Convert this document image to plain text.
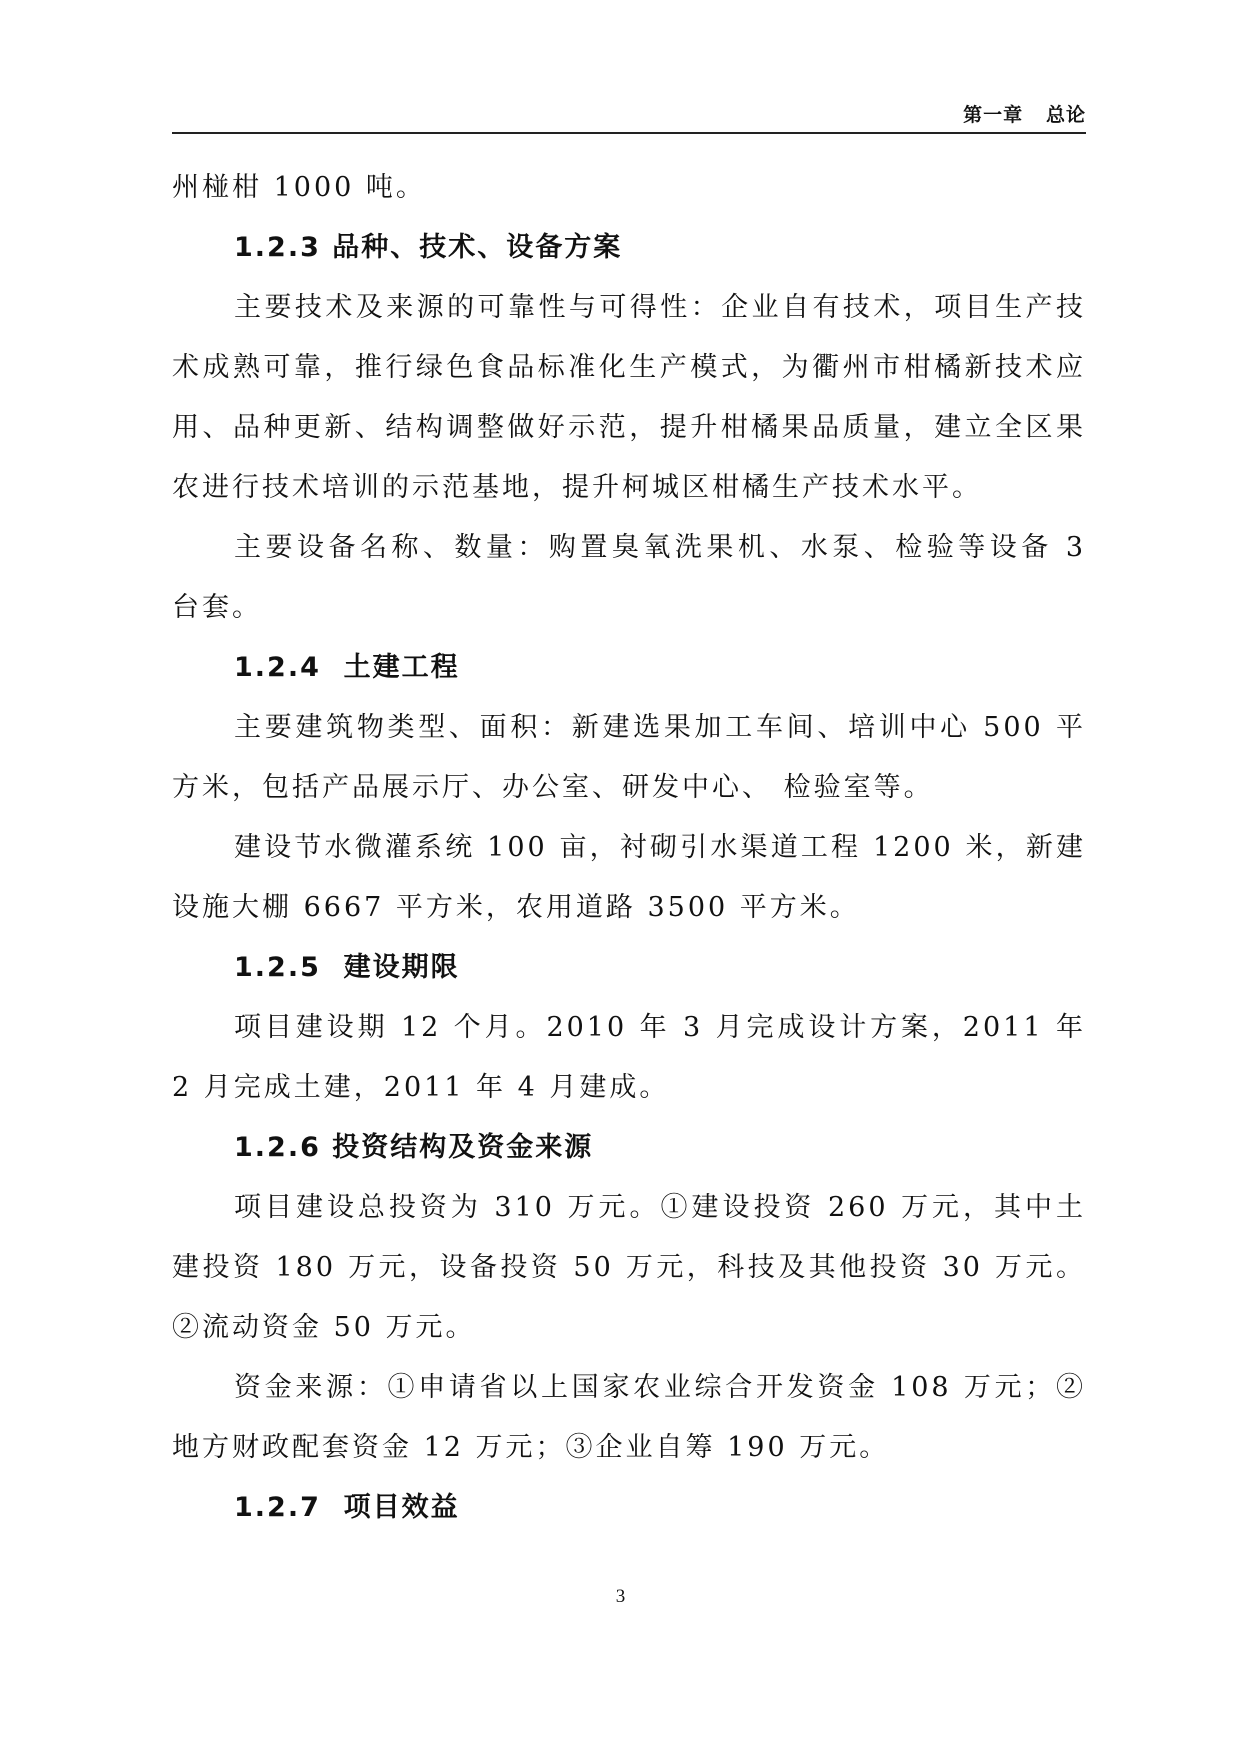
第一章   总论

州椪柑 1000 吨。

1.2.3 品种、技术、设备方案

主要技术及来源的可靠性与可得性：企业自有技术，项目生产技术成熟可靠，推行绿色食品标准化生产模式，为衢州市柑橘新技术应用、品种更新、结构调整做好示范，提升柑橘果品质量，建立全区果农进行技术培训的示范基地，提升柯城区柑橘生产技术水平。

主要设备名称、数量：购置臭氧洗果机、水泵、检验等设备 3 台套。

1.2.4  土建工程

主要建筑物类型、面积：新建选果加工车间、培训中心 500 平方米，包括产品展示厅、办公室、研发中心、 检验室等。

建设节水微灌系统 100 亩，衬砌引水渠道工程 1200 米，新建设施大棚 6667 平方米，农用道路 3500 平方米。

1.2.5  建设期限

项目建设期 12 个月。2010 年 3 月完成设计方案，2011 年 2 月完成土建，2011 年 4 月建成。

1.2.6 投资结构及资金来源

项目建设总投资为 310 万元。①建设投资 260 万元，其中土建投资 180 万元，设备投资 50 万元，科技及其他投资 30 万元。②流动资金 50 万元。

资金来源：①申请省以上国家农业综合开发资金 108 万元；②地方财政配套资金 12 万元；③企业自筹 190 万元。

1.2.7  项目效益

3
